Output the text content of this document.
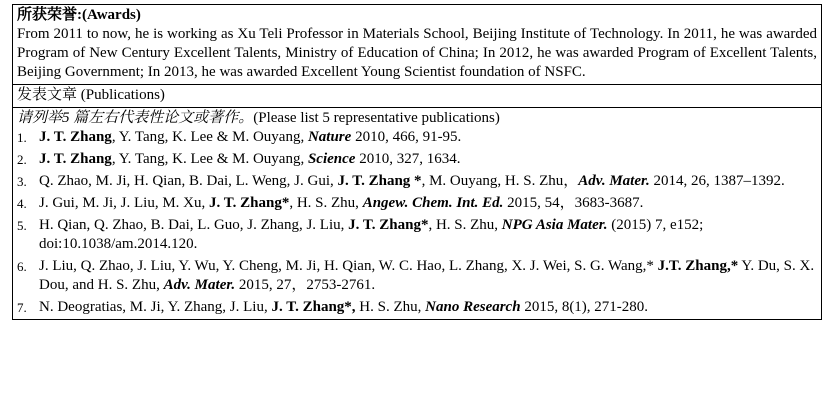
所获荣誉:(Awards)
From 2011 to now, he is working as Xu Teli Professor in Materials School, Beijing Institute of Technology. In 2011, he was awarded Program of New Century Excellent Talents, Ministry of Education of China; In 2012, he was awarded Program of Excellent Talents, Beijing Government; In 2013, he was awarded Excellent Young Scientist foundation of NSFC.

发表文章 (Publications)

请列举5 篇左右代表性论文或著作。(Please list 5 representative publications)
1. J. T. Zhang, Y. Tang, K. Lee & M. Ouyang, Nature 2010, 466, 91-95.
2. J. T. Zhang, Y. Tang, K. Lee & M. Ouyang, Science 2010, 327, 1634.
3. Q. Zhao, M. Ji, H. Qian, B. Dai, L. Weng, J. Gui, J. T. Zhang *, M. Ouyang, H. S. Zhu，Adv. Mater. 2014, 26, 1387–1392.
4. J. Gui, M. Ji, J. Liu, M. Xu, J. T. Zhang*, H. S. Zhu, Angew. Chem. Int. Ed. 2015, 54，3683-3687.
5. H. Qian, Q. Zhao, B. Dai, L. Guo, J. Zhang, J. Liu, J. T. Zhang*, H. S. Zhu, NPG Asia Mater. (2015) 7, e152; doi:10.1038/am.2014.120.
6. J. Liu, Q. Zhao, J. Liu, Y. Wu, Y. Cheng, M. Ji, H. Qian, W. C. Hao, L. Zhang, X. J. Wei, S. G. Wang,* J.T. Zhang,* Y. Du, S. X. Dou, and H. S. Zhu, Adv. Mater. 2015, 27，2753-2761.
7. N. Deogratias, M. Ji, Y. Zhang, J. Liu, J. T. Zhang*, H. S. Zhu, Nano Research 2015, 8(1), 271-280.
